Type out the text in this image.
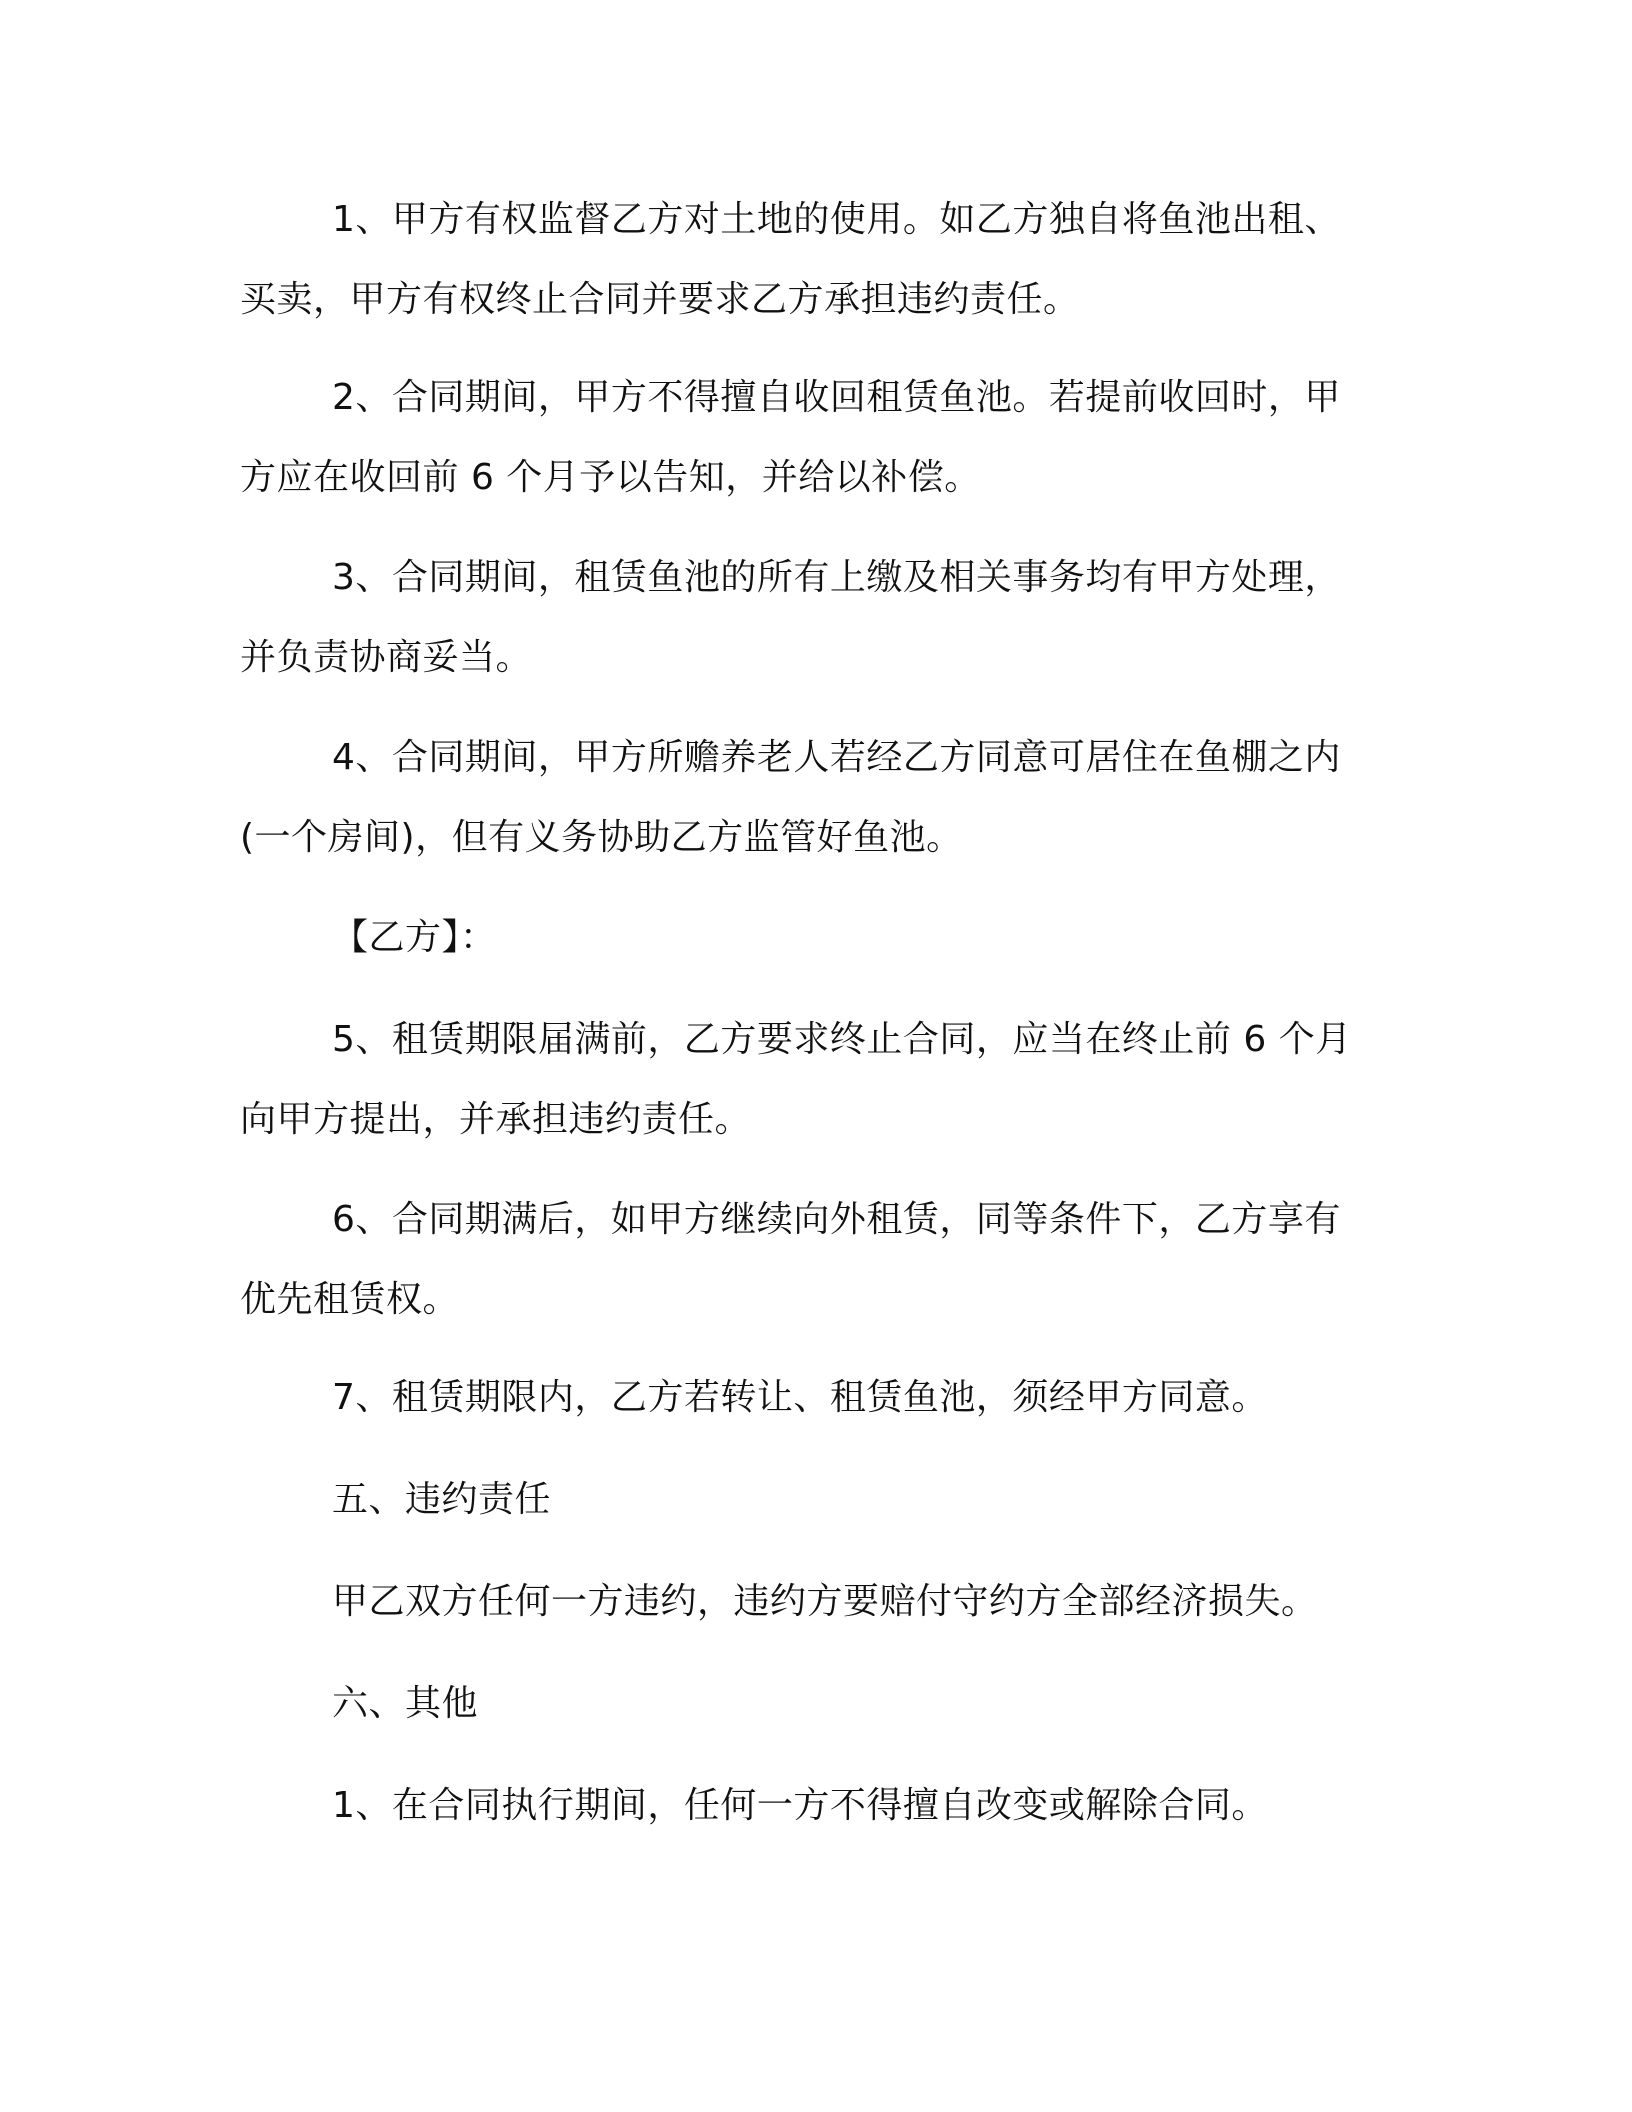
1、甲方有权监督乙方对土地的使用。如乙方独自将鱼池出租、买卖，甲方有权终止合同并要求乙方承担违约责任。

2、合同期间，甲方不得擅自收回租赁鱼池。若提前收回时，甲方应在收回前 6 个月予以告知，并给以补偿。

3、合同期间，租赁鱼池的所有上缴及相关事务均有甲方处理，并负责协商妥当。

4、合同期间，甲方所赡养老人若经乙方同意可居住在鱼棚之内(一个房间)，但有义务协助乙方监管好鱼池。

【乙方】：

5、租赁期限届满前，乙方要求终止合同，应当在终止前 6 个月向甲方提出，并承担违约责任。

6、合同期满后，如甲方继续向外租赁，同等条件下，乙方享有优先租赁权。

7、租赁期限内，乙方若转让、租赁鱼池，须经甲方同意。

五、违约责任

甲乙双方任何一方违约，违约方要赔付守约方全部经济损失。

六、其他

1、在合同执行期间，任何一方不得擅自改变或解除合同。
